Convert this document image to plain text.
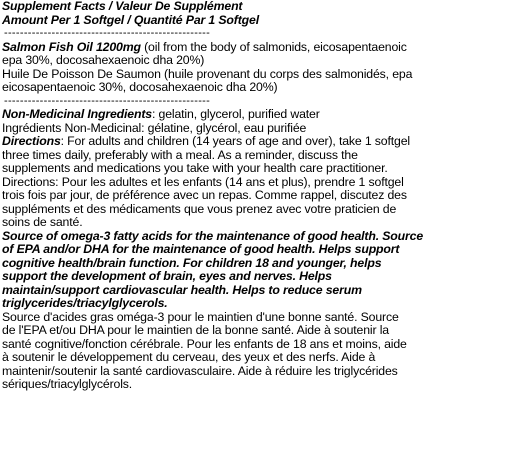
Supplement Facts / Valeur De Supplément
Amount Per 1 Softgel / Quantité Par 1 Softgel
----------------------------------------------------
Salmon Fish Oil 1200mg (oil from the body of salmonids, eicosapentaenoic
epa 30%, docosahexaenoic dha 20%)
Huile De Poisson De Saumon (huile provenant du corps des salmonidés, epa
eicosapentaenoic 30%, docosahexaenoic dha 20%)
----------------------------------------------------
Non-Medicinal Ingredients: gelatin, glycerol, purified water
Ingrédients Non-Medicinal: gélatine, glycérol, eau purifiée
Directions: For adults and children (14 years of age and over), take 1 softgel
three times daily, preferably with a meal. As a reminder, discuss the
supplements and medications you take with your health care practitioner.
Directions: Pour les adultes et les enfants (14 ans et plus), prendre 1 softgel
trois fois par jour, de préférence avec un repas. Comme rappel, discutez des
suppléments et des médicaments que vous prenez avec votre praticien de
soins de santé.
Source of omega-3 fatty acids for the maintenance of good health. Source
of EPA and/or DHA for the maintenance of good health. Helps support
cognitive health/brain function. For children 18 and younger, helps
support the development of brain, eyes and nerves. Helps
maintain/support cardiovascular health. Helps to reduce serum
triglycerides/triacylglycerols.
Source d'acides gras oméga-3 pour le maintien d'une bonne santé. Source
de l'EPA et/ou DHA pour le maintien de la bonne santé. Aide à soutenir la
santé cognitive/fonction cérébrale. Pour les enfants de 18 ans et moins, aide
à soutenir le développement du cerveau, des yeux et des nerfs. Aide à
maintenir/soutenir la santé cardiovasculaire. Aide à réduire les triglycérides
sériques/triacylglycérols.
